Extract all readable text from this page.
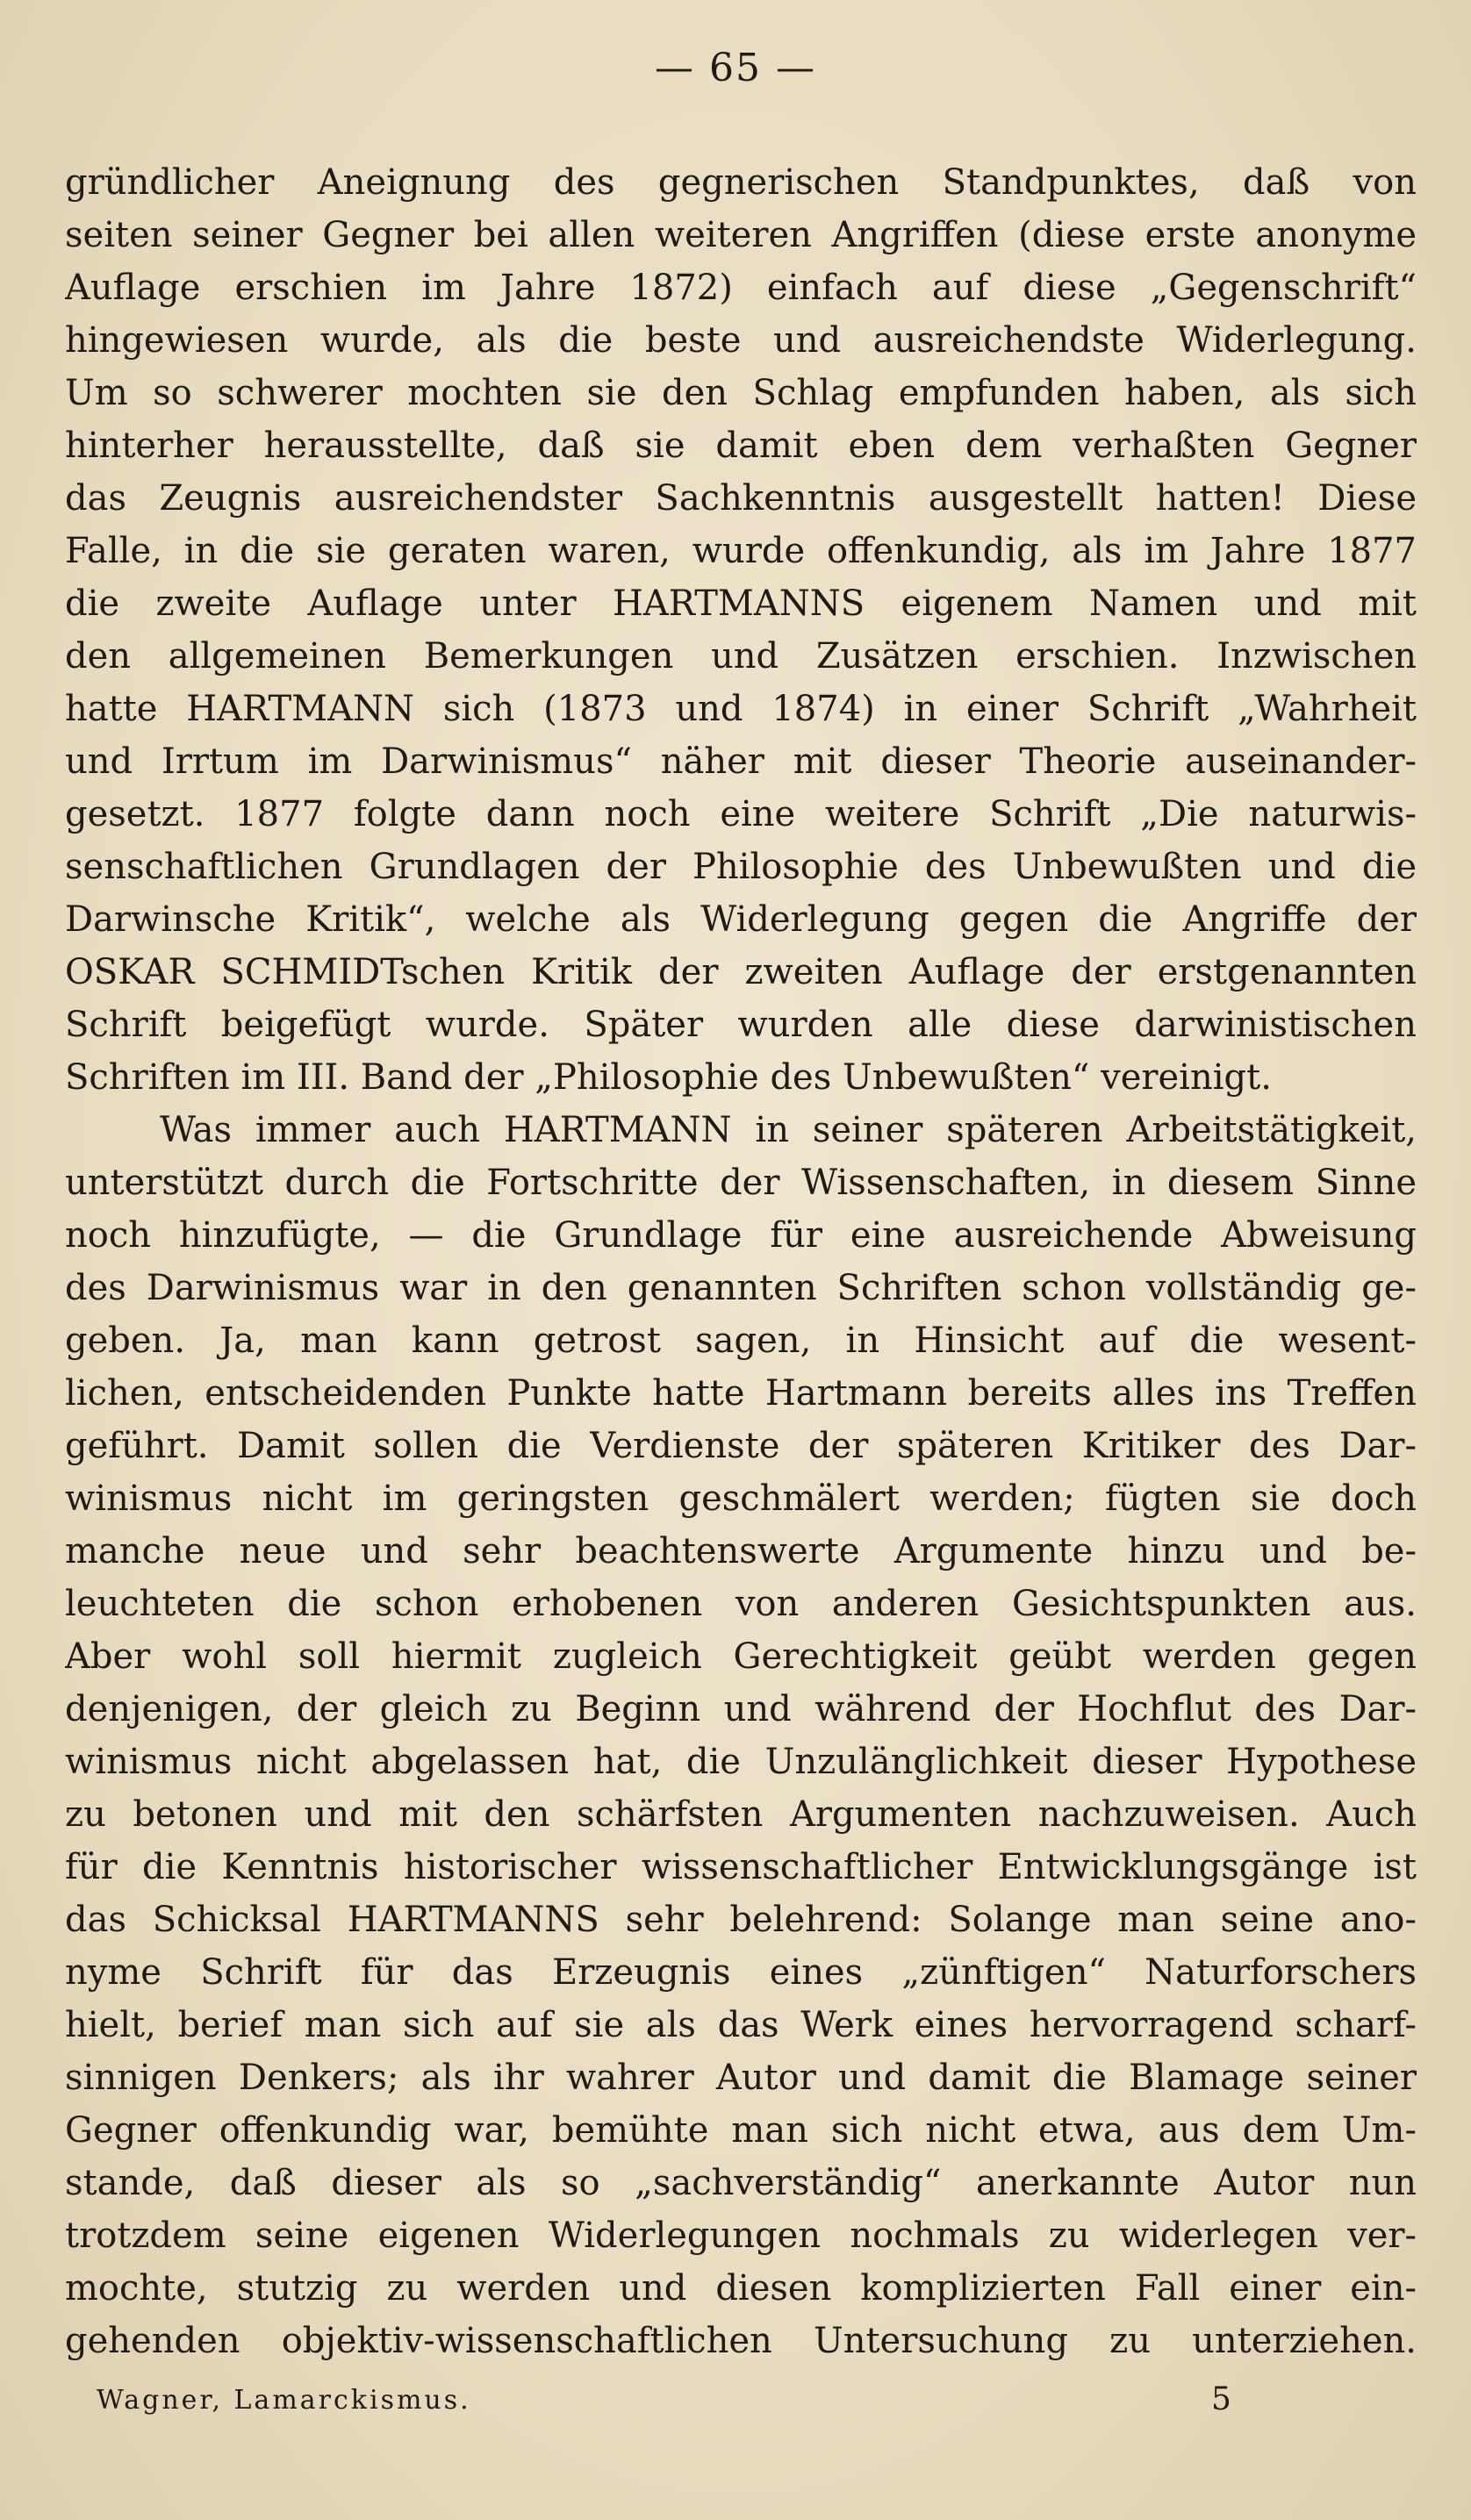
— 65 —
gründlicher Aneignung des gegnerischen Standpunktes, daß von
seiten seiner Gegner bei allen weiteren Angriffen (diese erste anonyme
Auflage erschien im Jahre 1872) einfach auf diese „Gegenschrift“
hingewiesen wurde, als die beste und ausreichendste Widerlegung.
Um so schwerer mochten sie den Schlag empfunden haben, als sich
hinterher herausstellte, daß sie damit eben dem verhaßten Gegner
das Zeugnis ausreichendster Sachkenntnis ausgestellt hatten! Diese
Falle, in die sie geraten waren, wurde offenkundig, als im Jahre 1877
die zweite Auflage unter HARTMANNS eigenem Namen und mit
den allgemeinen Bemerkungen und Zusätzen erschien. Inzwischen
hatte HARTMANN sich (1873 und 1874) in einer Schrift „Wahrheit
und Irrtum im Darwinismus“ näher mit dieser Theorie auseinander-
gesetzt. 1877 folgte dann noch eine weitere Schrift „Die naturwis-
senschaftlichen Grundlagen der Philosophie des Unbewußten und die
Darwinsche Kritik“, welche als Widerlegung gegen die Angriffe der
OSKAR SCHMIDTschen Kritik der zweiten Auflage der erstgenannten
Schrift beigefügt wurde. Später wurden alle diese darwinistischen
Schriften im III. Band der „Philosophie des Unbewußten“ vereinigt.
Was immer auch HARTMANN in seiner späteren Arbeitstätigkeit,
unterstützt durch die Fortschritte der Wissenschaften, in diesem Sinne
noch hinzufügte, — die Grundlage für eine ausreichende Abweisung
des Darwinismus war in den genannten Schriften schon vollständig ge-
geben. Ja, man kann getrost sagen, in Hinsicht auf die wesent-
lichen, entscheidenden Punkte hatte Hartmann bereits alles ins Treffen
geführt. Damit sollen die Verdienste der späteren Kritiker des Dar-
winismus nicht im geringsten geschmälert werden; fügten sie doch
manche neue und sehr beachtenswerte Argumente hinzu und be-
leuchteten die schon erhobenen von anderen Gesichtspunkten aus.
Aber wohl soll hiermit zugleich Gerechtigkeit geübt werden gegen
denjenigen, der gleich zu Beginn und während der Hochflut des Dar-
winismus nicht abgelassen hat, die Unzulänglichkeit dieser Hypothese
zu betonen und mit den schärfsten Argumenten nachzuweisen. Auch
für die Kenntnis historischer wissenschaftlicher Entwicklungsgänge ist
das Schicksal HARTMANNS sehr belehrend: Solange man seine ano-
nyme Schrift für das Erzeugnis eines „zünftigen“ Naturforschers
hielt, berief man sich auf sie als das Werk eines hervorragend scharf-
sinnigen Denkers; als ihr wahrer Autor und damit die Blamage seiner
Gegner offenkundig war, bemühte man sich nicht etwa, aus dem Um-
stande, daß dieser als so „sachverständig“ anerkannte Autor nun
trotzdem seine eigenen Widerlegungen nochmals zu widerlegen ver-
mochte, stutzig zu werden und diesen komplizierten Fall einer ein-
gehenden objektiv-wissenschaftlichen Untersuchung zu unterziehen.
Wagner, Lamarckismus.	5
